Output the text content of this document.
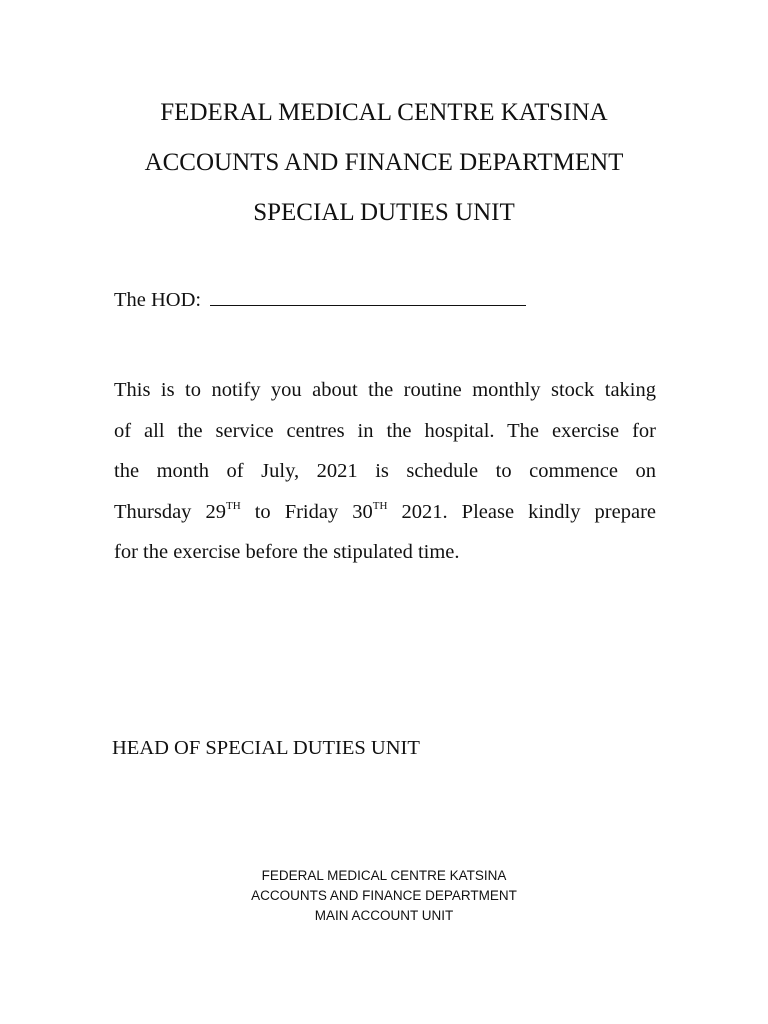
FEDERAL MEDICAL CENTRE KATSINA
ACCOUNTS AND FINANCE DEPARTMENT
SPECIAL DUTIES UNIT
The HOD:
This is to notify you about the routine monthly stock taking
of all the service centres in the hospital. The exercise for
the month of July, 2021 is schedule to commence on
Thursday 29TH to Friday 30TH 2021. Please kindly prepare
for the exercise before the stipulated time.
HEAD OF SPECIAL DUTIES UNIT
FEDERAL MEDICAL CENTRE KATSINA
ACCOUNTS AND FINANCE DEPARTMENT
MAIN ACCOUNT UNIT
